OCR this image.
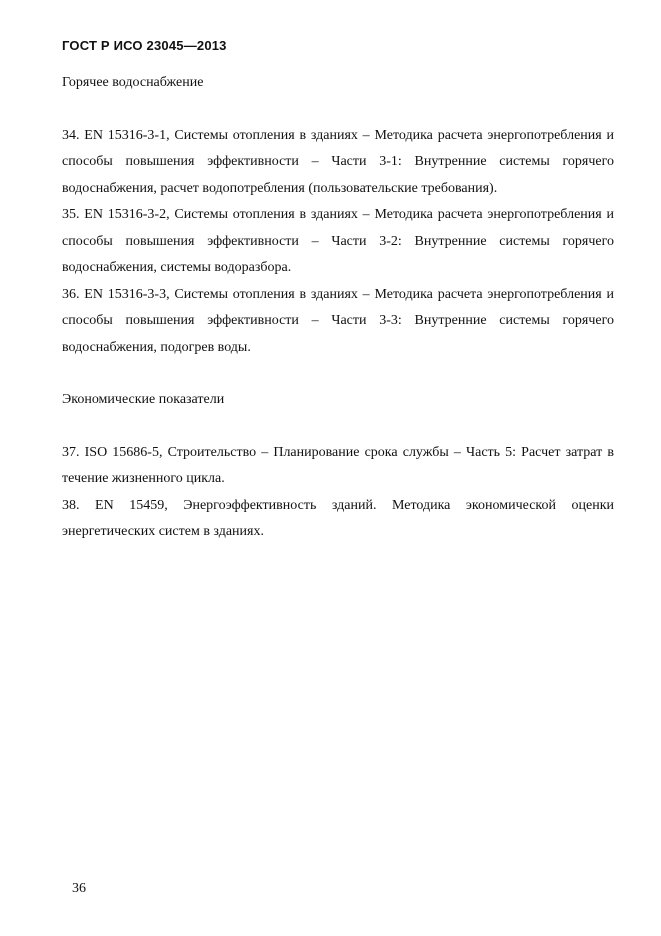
ГОСТ Р ИСО 23045—2013

Горячее водоснабжение

34. EN 15316-3-1, Системы отопления в зданиях – Методика расчета энергопотребления и способы повышения эффективности – Части 3-1: Внутренние системы горячего водоснабжения, расчет водопотребления (пользовательские требования).

35. EN 15316-3-2, Системы отопления в зданиях – Методика расчета энергопотребления и способы повышения эффективности – Части 3-2: Внутренние системы горячего водоснабжения, системы водоразбора.

36. EN 15316-3-3, Системы отопления в зданиях – Методика расчета энергопотребления и способы повышения эффективности – Части 3-3: Внутренние системы горячего водоснабжения, подогрев воды.

Экономические показатели

37. ISO 15686-5, Строительство – Планирование срока службы – Часть 5: Расчет затрат в течение жизненного цикла.

38. EN 15459, Энергоэффективность зданий. Методика экономической оценки энергетических систем в зданиях.

36
